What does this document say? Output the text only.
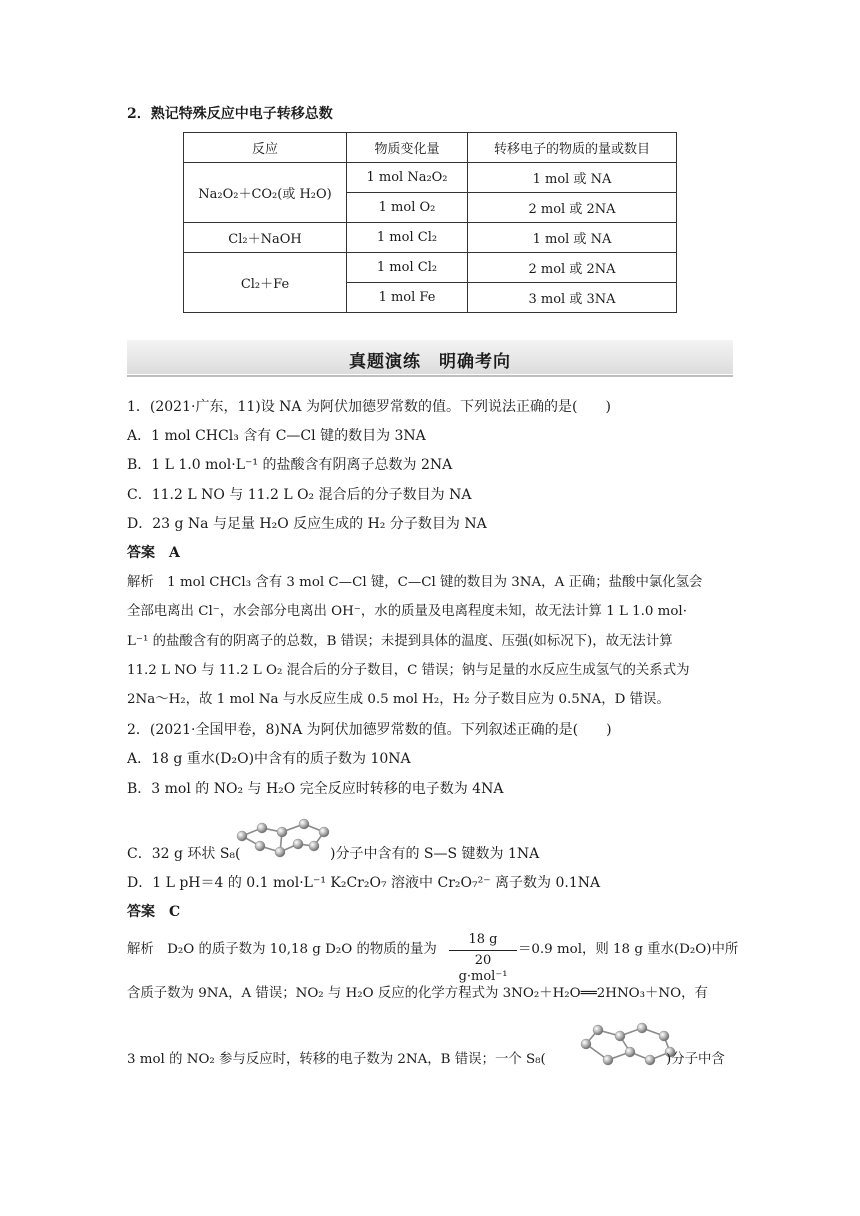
2．熟记特殊反应中电子转移总数
反应	物质变化量	转移电子的物质的量或数目
Na₂O₂＋CO₂(或 H₂O)	1 mol Na₂O₂	1 mol 或 NA
	1 mol O₂	2 mol 或 2NA
Cl₂＋NaOH	1 mol Cl₂	1 mol 或 NA
Cl₂＋Fe	1 mol Cl₂	2 mol 或 2NA
	1 mol Fe	3 mol 或 3NA
真题演练　明确考向
1．(2021·广东，11)设 NA 为阿伏加德罗常数的值。下列说法正确的是(　　)
A．1 mol CHCl₃ 含有 C—Cl 键的数目为 3NA
B．1 L 1.0 mol·L⁻¹ 的盐酸含有阴离子总数为 2NA
C．11.2 L NO 与 11.2 L O₂ 混合后的分子数目为 NA
D．23 g Na 与足量 H₂O 反应生成的 H₂ 分子数目为 NA
答案　A
解析　1 mol CHCl₃ 含有 3 mol C—Cl 键，C—Cl 键的数目为 3NA，A 正确；盐酸中氯化氢会
全部电离出 Cl⁻，水会部分电离出 OH⁻，水的质量及电离程度未知，故无法计算 1 L 1.0 mol·
L⁻¹ 的盐酸含有的阴离子的总数，B 错误；未提到具体的温度、压强(如标况下)，故无法计算
11.2 L NO 与 11.2 L O₂ 混合后的分子数目，C 错误；钠与足量的水反应生成氢气的关系式为
2Na～H₂，故 1 mol Na 与水反应生成 0.5 mol H₂，H₂ 分子数目应为 0.5NA，D 错误。
2．(2021·全国甲卷，8)NA 为阿伏加德罗常数的值。下列叙述正确的是(　　)
A．18 g 重水(D₂O)中含有的质子数为 10NA
B．3 mol 的 NO₂ 与 H₂O 完全反应时转移的电子数为 4NA
C．32 g 环状 S₈(	)分子中含有的 S—S 键数为 1NA
D．1 L pH＝4 的 0.1 mol·L⁻¹ K₂Cr₂O₇ 溶液中 Cr₂O₇²⁻ 离子数为 0.1NA
答案　C
解析　D₂O 的质子数为 10,18 g D₂O 的物质的量为
18 g
20 g·mol⁻¹
＝0.9 mol，则 18 g 重水(D₂O)中所
含质子数为 9NA，A 错误；NO₂ 与 H₂O 反应的化学方程式为 3NO₂＋H₂O══2HNO₃＋NO，有
3 mol 的 NO₂ 参与反应时，转移的电子数为 2NA，B 错误；一个 S₈(	)分子中含
